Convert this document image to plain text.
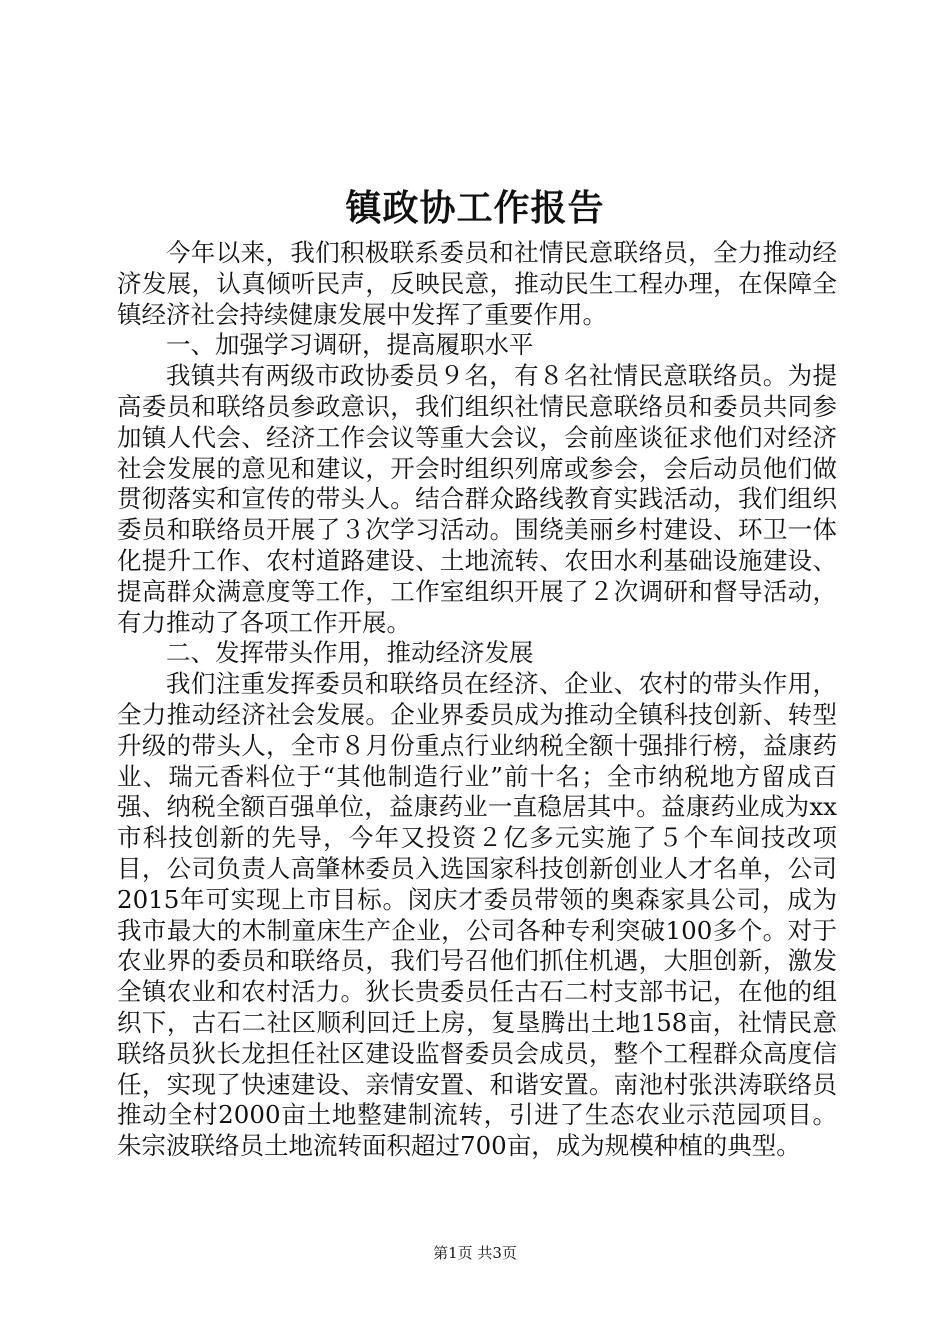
镇政协工作报告

今年以来，我们积极联系委员和社情民意联络员，全力推动经济发展，认真倾听民声，反映民意，推动民生工程办理，在保障全镇经济社会持续健康发展中发挥了重要作用。

一、加强学习调研，提高履职水平

我镇共有两级市政协委员９名，有８名社情民意联络员。为提高委员和联络员参政意识，我们组织社情民意联络员和委员共同参加镇人代会、经济工作会议等重大会议，会前座谈征求他们对经济社会发展的意见和建议，开会时组织列席或参会，会后动员他们做贯彻落实和宣传的带头人。结合群众路线教育实践活动，我们组织委员和联络员开展了３次学习活动。围绕美丽乡村建设、环卫一体化提升工作、农村道路建设、土地流转、农田水利基础设施建设、提高群众满意度等工作，工作室组织开展了２次调研和督导活动，有力推动了各项工作开展。

二、发挥带头作用，推动经济发展

我们注重发挥委员和联络员在经济、企业、农村的带头作用，全力推动经济社会发展。企业界委员成为推动全镇科技创新、转型升级的带头人，全市８月份重点行业纳税全额十强排行榜，益康药业、瑞元香料位于“其他制造行业”前十名；全市纳税地方留成百强、纳税全额百强单位，益康药业一直稳居其中。益康药业成为xx市科技创新的先导，今年又投资２亿多元实施了５个车间技改项目，公司负责人高肇林委员入选国家科技创新创业人才名单，公司2015年可实现上市目标。闵庆才委员带领的奥森家具公司，成为我市最大的木制童床生产企业，公司各种专利突破100多个。对于农业界的委员和联络员，我们号召他们抓住机遇，大胆创新，激发全镇农业和农村活力。狄长贵委员任古石二村支部书记，在他的组织下，古石二社区顺利回迁上房，复垦腾出土地158亩，社情民意联络员狄长龙担任社区建设监督委员会成员，整个工程群众高度信任，实现了快速建设、亲情安置、和谐安置。南池村张洪涛联络员推动全村2000亩土地整建制流转，引进了生态农业示范园项目。朱宗波联络员土地流转面积超过700亩，成为规模种植的典型。

第1页 共3页
